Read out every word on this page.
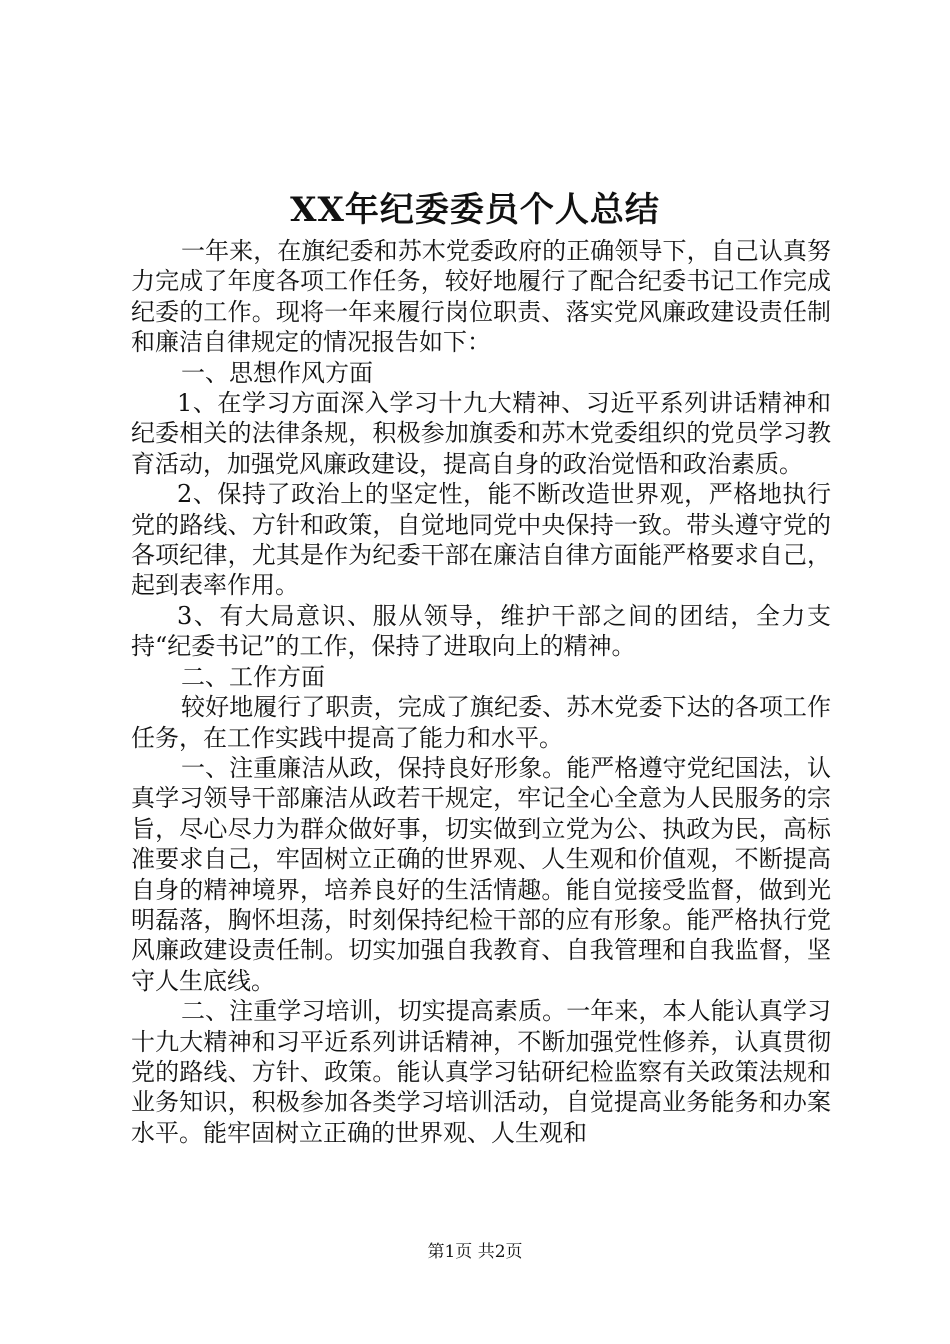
XX年纪委委员个人总结

一年来，在旗纪委和苏木党委政府的正确领导下，自己认真努力完成了年度各项工作任务，较好地履行了配合纪委书记工作完成纪委的工作。现将一年来履行岗位职责、落实党风廉政建设责任制和廉洁自律规定的情况报告如下：

一、思想作风方面

1、在学习方面深入学习十九大精神、习近平系列讲话精神和纪委相关的法律条规，积极参加旗委和苏木党委组织的党员学习教育活动，加强党风廉政建设，提高自身的政治觉悟和政治素质。

2、保持了政治上的坚定性，能不断改造世界观，严格地执行党的路线、方针和政策，自觉地同党中央保持一致。带头遵守党的各项纪律，尤其是作为纪委干部在廉洁自律方面能严格要求自己，起到表率作用。

3、有大局意识、服从领导，维护干部之间的团结，全力支持“纪委书记”的工作，保持了进取向上的精神。

二、工作方面

较好地履行了职责，完成了旗纪委、苏木党委下达的各项工作任务，在工作实践中提高了能力和水平。

一、注重廉洁从政，保持良好形象。能严格遵守党纪国法，认真学习领导干部廉洁从政若干规定，牢记全心全意为人民服务的宗旨，尽心尽力为群众做好事，切实做到立党为公、执政为民，高标准要求自己，牢固树立正确的世界观、人生观和价值观，不断提高自身的精神境界，培养良好的生活情趣。能自觉接受监督，做到光明磊落，胸怀坦荡，时刻保持纪检干部的应有形象。能严格执行党风廉政建设责任制。切实加强自我教育、自我管理和自我监督，坚守人生底线。

二、注重学习培训，切实提高素质。一年来，本人能认真学习十九大精神和习平近系列讲话精神，不断加强党性修养，认真贯彻党的路线、方针、政策。能认真学习钻研纪检监察有关政策法规和业务知识，积极参加各类学习培训活动，自觉提高业务能务和办案水平。能牢固树立正确的世界观、人生观和

第1页 共2页
